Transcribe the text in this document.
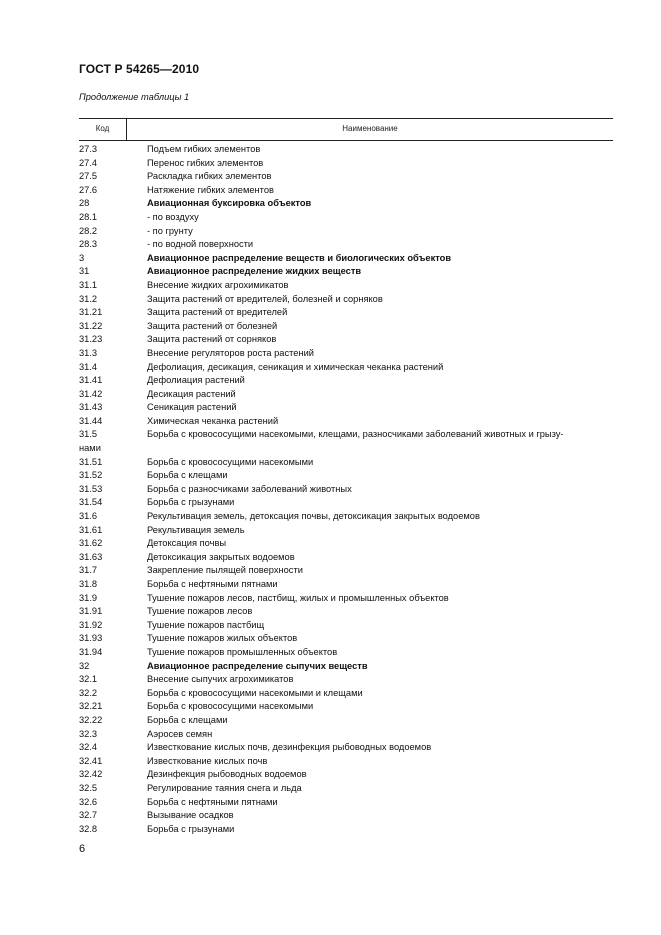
ГОСТ Р 54265—2010
Продолжение таблицы 1
Код	Наименование
27.3	Подъем гибких элементов
27.4	Перенос гибких элементов
27.5	Раскладка гибких элементов
27.6	Натяжение гибких элементов
28	Авиационная буксировка объектов
28.1	- по воздуху
28.2	- по грунту
28.3	- по водной поверхности
3	Авиационное распределение веществ и биологических объектов
31	Авиационное распределение жидких веществ
31.1	Внесение жидких агрохимикатов
31.2	Защита растений от вредителей, болезней и сорняков
31.21	Защита растений от вредителей
31.22	Защита растений от болезней
31.23	Защита растений от сорняков
31.3	Внесение регуляторов роста растений
31.4	Дефолиация, десикация, сеникация и химическая чеканка растений
31.41	Дефолиация растений
31.42	Десикация растений
31.43	Сеникация растений
31.44	Химическая чеканка растений
31.5	Борьба с кровососущими насекомыми, клещами, разносчиками заболеваний животных и грызу-
нами
31.51	Борьба с кровососущими насекомыми
31.52	Борьба с клещами
31.53	Борьба с разносчиками заболеваний животных
31.54	Борьба с грызунами
31.6	Рекультивация земель, детоксация почвы, детоксикация закрытых водоемов
31.61	Рекультивация земель
31.62	Детоксация почвы
31.63	Детоксикация закрытых водоемов
31.7	Закрепление пылящей поверхности
31.8	Борьба с нефтяными пятнами
31.9	Тушение пожаров лесов, пастбищ, жилых и промышленных объектов
31.91	Тушение пожаров лесов
31.92	Тушение пожаров пастбищ
31.93	Тушение пожаров жилых объектов
31.94	Тушение пожаров промышленных объектов
32	Авиационное распределение сыпучих веществ
32.1	Внесение сыпучих агрохимикатов
32.2	Борьба с кровососущими насекомыми и клещами
32.21	Борьба с кровососущими насекомыми
32.22	Борьба с клещами
32.3	Аэросев семян
32.4	Известкование кислых почв, дезинфекция рыбоводных водоемов
32.41	Известкование кислых почв
32.42	Дезинфекция рыбоводных водоемов
32.5	Регулирование таяния снега и льда
32.6	Борьба с нефтяными пятнами
32.7	Вызывание осадков
32.8	Борьба с грызунами
6
